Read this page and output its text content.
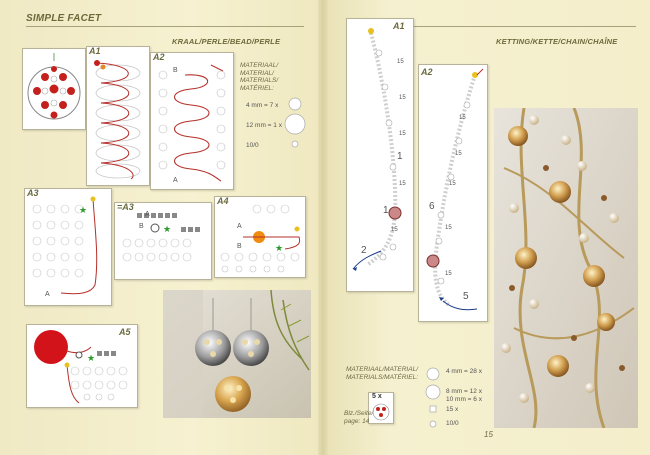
SIMPLE FACET
KRAAL/PERLE/BEAD/PERLE
A1
A2
B
A
MATERIAAL/
MATERIAL/
MATERIALS/
MATÉRIEL:
4 mm = 7 x
12 mm = 1 x
10/0
A3
A
★	=A3
A
B ★
A4
A
B	★
A5
★
KETTING/KETTE/CHAIN/CHAÎNE
A1
15
15
15
1
15
1
15
2
A2
15
15
15
6
15
15
5
MATERIAAL/MATERIAL/
MATERIALS/MATÉRIEL:
4 mm = 28 x
8 mm = 12 x
10 mm = 6 x
15 x
10/0
5 x
Blz./Seite/
page: 14
15
